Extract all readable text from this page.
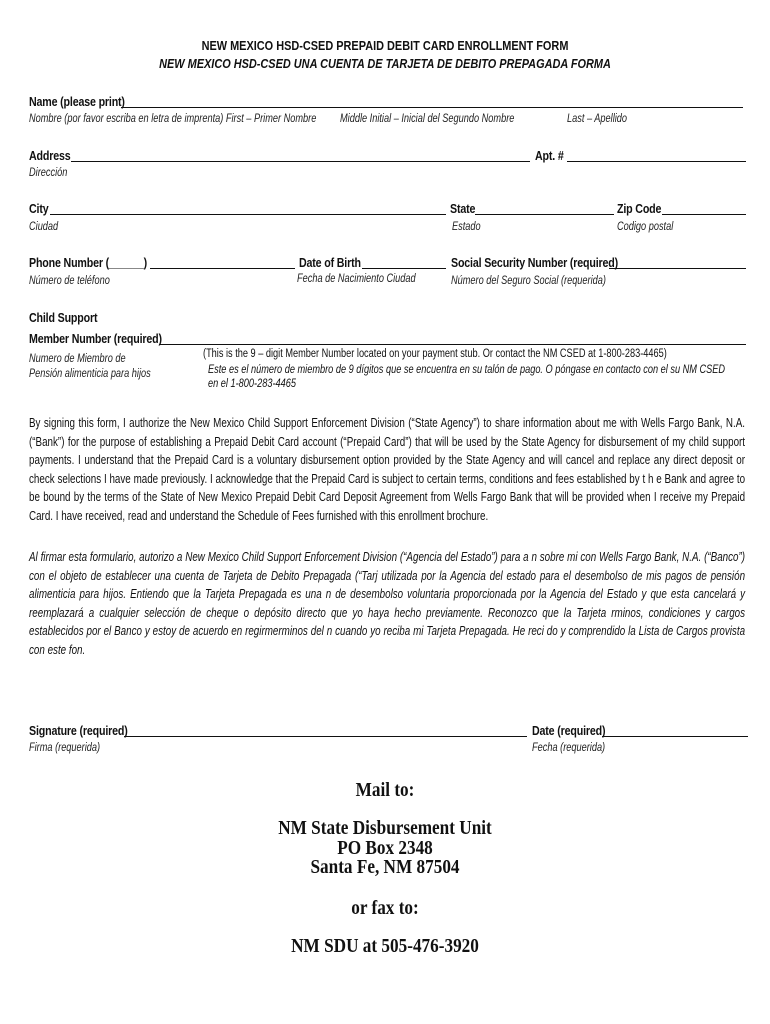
NEW MEXICO HSD-CSED PREPAID DEBIT CARD ENROLLMENT FORM
NEW MEXICO HSD-CSED UNA CUENTA DE TARJETA DE DEBITO PREPAGADA FORMA
Name (please print)
Nombre (por favor escriba en letra de imprenta) First – Primer Nombre Middle Initial – Inicial del Segundo Nombre	Last – Apellido
Address
Dirección
Apt. #
City
Ciudad
State
Estado
Zip Code
Codigo postal
Phone Number (______)
Número de teléfono
Date of Birth
Fecha de Nacimiento Ciudad
Social Security Number (required)
Número del Seguro Social (requerida)
Child Support
Member Number (required)
Numero de Miembro de
Pensión alimenticia para hijos
(This is the 9 – digit Member Number located on your payment stub. Or contact the NM CSED at 1-800-283-4465)
Este es el número de miembro de 9 dígitos que se encuentra en su talón de pago. O póngase en contacto con el su NM CSED
en el 1-800-283-4465
By signing this form, I authorize the New Mexico Child Support Enforcement Division (“State Agency”) to share information about me with Wells Fargo Bank, N.A. (“Bank”) for the purpose of establishing a Prepaid Debit Card account (“Prepaid Card”) that will be used by the State Agency for disbursement of my child support payments. I understand that the Prepaid Card is a voluntary disbursement option provided by the State Agency and will cancel and replace any direct deposit or check selections I have made previously. I acknowledge that the Prepaid Card is subject to certain terms, conditions and fees established by t h e Bank and agree to be bound by the terms of the State of New Mexico Prepaid Debit Card Deposit Agreement from Wells Fargo Bank that will be provided when I receive my Prepaid Card. I have received, read and understand the Schedule of Fees furnished with this enrollment brochure.
Al firmar esta formulario, autorizo a New Mexico Child Support Enforcement Division (“Agencia del Estado”) para a n sobre mi con Wells Fargo Bank, N.A. (“Banco”) con el objeto de establecer una cuenta de Tarjeta de Debito Prepagada (“Tarj utilizada por la Agencia del estado para el desembolso de mis pagos de pensión alimenticia para hijos. Entiendo que la Tarjeta Prepagada es una n de desembolso voluntaria proporcionada por la Agencia del Estado y que esta cancelará y reemplazará a cualquier selección de cheque o depósito directo que yo haya hecho previamente. Reconozco que la Tarjeta rminos, condiciones y cargos establecidos por el Banco y estoy de acuerdo en regirmerminos del n cuando yo reciba mi Tarjeta Prepagada. He reci do y comprendido la Lista de Cargos provista con este fon.
Signature (required)
Firma (requerida)
Date (required)
Fecha (requerida)
Mail to:
NM State Disbursement Unit
PO Box 2348
Santa Fe, NM 87504
or fax to:
NM SDU at 505-476-3920
